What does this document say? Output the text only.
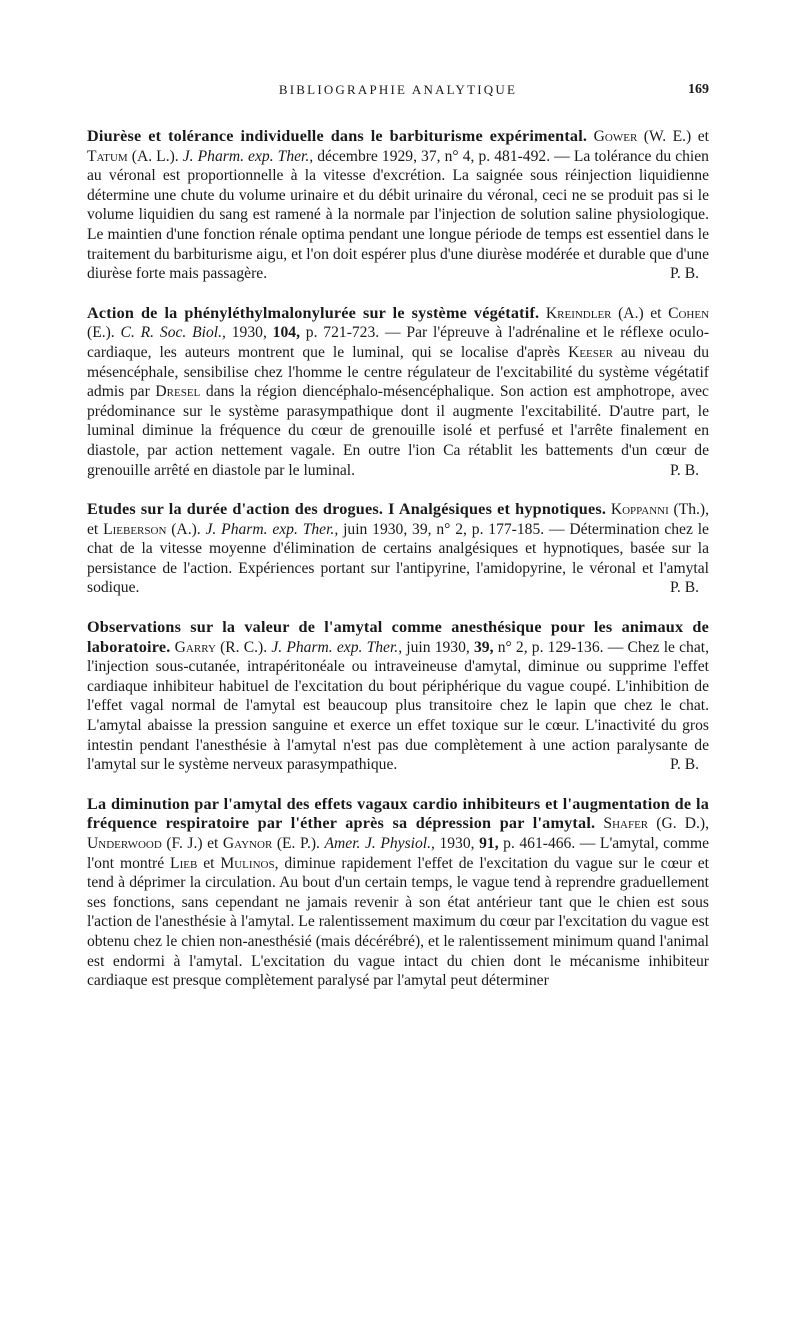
BIBLIOGRAPHIE ANALYTIQUE	169

Diurèse et tolérance individuelle dans le barbiturisme expérimental. Gower (W. E.) et Tatum (A. L.). J. Pharm. exp. Ther., décembre 1929, 37, n° 4, p. 481-492. — La tolérance du chien au véronal est proportionnelle à la vitesse d'excrétion. La saignée sous réinjection liquidienne détermine une chute du volume urinaire et du débit urinaire du véronal, ceci ne se produit pas si le volume liquidien du sang est ramené à la normale par l'injection de solution saline physiologique. Le maintien d'une fonction rénale optima pendant une longue période de temps est essentiel dans le traitement du barbiturisme aigu, et l'on doit espérer plus d'une diurèse modérée et durable que d'une diurèse forte mais passagère.	P. B.

Action de la phényléthylmalonylurée sur le système végétatif. Kreindler (A.) et Cohen (E.). C. R. Soc. Biol., 1930, 104, p. 721-723. — Par l'épreuve à l'adrénaline et le réflexe oculo-cardiaque, les auteurs montrent que le luminal, qui se localise d'après Keeser au niveau du mésencéphale, sensibilise chez l'homme le centre régulateur de l'excitabilité du système végétatif admis par Dresel dans la région diencéphalo-mésencéphalique. Son action est amphotrope, avec prédominance sur le système parasympathique dont il augmente l'excitabilité. D'autre part, le luminal diminue la fréquence du cœur de grenouille isolé et perfusé et l'arrête finalement en diastole, par action nettement vagale. En outre l'ion Ca rétablit les battements d'un cœur de grenouille arrêté en diastole par le luminal.	P. B.

Etudes sur la durée d'action des drogues. I Analgésiques et hypnotiques. Koppanni (Th.), et Lieberson (A.). J. Pharm. exp. Ther., juin 1930, 39, n° 2, p. 177-185. — Détermination chez le chat de la vitesse moyenne d'élimination de certains analgésiques et hypnotiques, basée sur la persistance de l'action. Expériences portant sur l'antipyrine, l'amidopyrine, le véronal et l'amytal sodique.	P. B.

Observations sur la valeur de l'amytal comme anesthésique pour les animaux de laboratoire. Garry (R. C.). J. Pharm. exp. Ther., juin 1930, 39, n° 2, p. 129-136. — Chez le chat, l'injection sous-cutanée, intrapéritonéale ou intraveineuse d'amytal, diminue ou supprime l'effet cardiaque inhibiteur habituel de l'excitation du bout périphérique du vague coupé. L'inhibition de l'effet vagal normal de l'amytal est beaucoup plus transitoire chez le lapin que chez le chat. L'amytal abaisse la pression sanguine et exerce un effet toxique sur le cœur. L'inactivité du gros intestin pendant l'anesthésie à l'amytal n'est pas due complètement à une action paralysante de l'amytal sur le système nerveux parasympathique.	P. B.

La diminution par l'amytal des effets vagaux cardio inhibiteurs et l'augmentation de la fréquence respiratoire par l'éther après sa dépression par l'amytal. Shafer (G. D.), Underwood (F. J.) et Gaynor (E. P.). Amer. J. Physiol., 1930, 91, p. 461-466. — L'amytal, comme l'ont montré Lieb et Mulinos, diminue rapidement l'effet de l'excitation du vague sur le cœur et tend à déprimer la circulation. Au bout d'un certain temps, le vague tend à reprendre graduellement ses fonctions, sans cependant ne jamais revenir à son état antérieur tant que le chien est sous l'action de l'anesthésie à l'amytal. Le ralentissement maximum du cœur par l'excitation du vague est obtenu chez le chien non-anesthésié (mais décérébré), et le ralentissement minimum quand l'animal est endormi à l'amytal. L'excitation du vague intact du chien dont le mécanisme inhibiteur cardiaque est presque complètement paralysé par l'amytal peut déterminer
